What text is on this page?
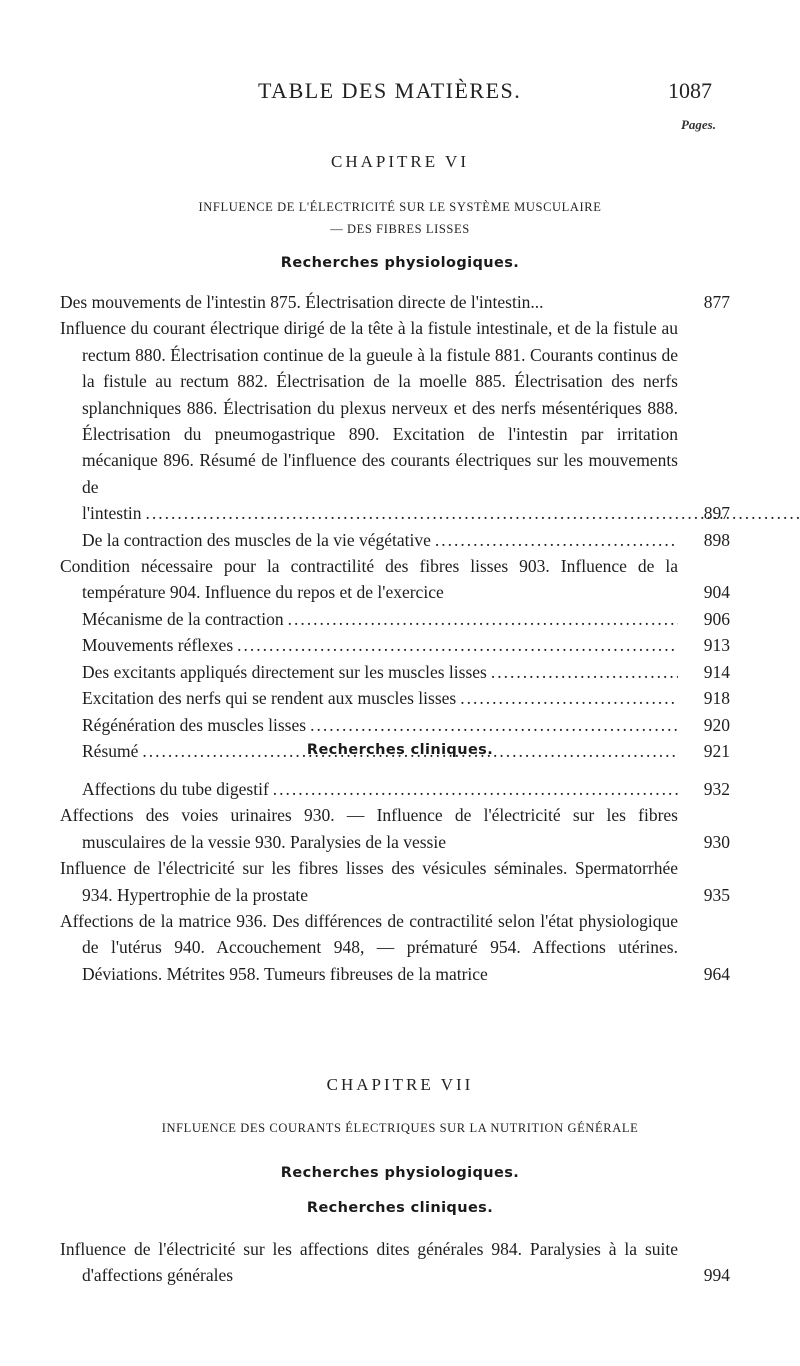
TABLE DES MATIÈRES.	1087
Pages.
CHAPITRE VI
INFLUENCE DE L'ÉLECTRICITÉ SUR LE SYSTÈME MUSCULAIRE
— DES FIBRES LISSES
Recherches physiologiques.
Des mouvements de l'intestin 875. Électrisation directe de l'intestin...	877
Influence du courant électrique dirigé de la tête à la fistule intestinale, et de la fistule au rectum 880. Électrisation continue de la gueule à la fistule 881. Courants continus de la fistule au rectum 882. Électrisation de la moelle 885. Électrisation des nerfs splanchniques 886. Électrisation du plexus nerveux et des nerfs mésentériques 888. Électrisation du pneumogastrique 890. Excitation de l'intestin par irritation mécanique 896. Résumé de l'influence des courants électriques sur les mouvements de l'intestin .....	897
De la contraction des muscles de la vie végétative .....	898
Condition nécessaire pour la contractilité des fibres lisses 903. Influence de la température 904. Influence du repos et de l'exercice	904
Mécanisme de la contraction .....	906
Mouvements réflexes .....	913
Des excitants appliqués directement sur les muscles lisses .....	914
Excitation des nerfs qui se rendent aux muscles lisses .....	918
Régénération des muscles lisses .....	920
Résumé .....	921
Recherches cliniques.
Affections du tube digestif .....	932
Affections des voies urinaires 930. — Influence de l'électricité sur les fibres musculaires de la vessie 930. Paralysies de la vessie	930
Influence de l'électricité sur les fibres lisses des vésicules séminales. Spermatorrhée 934. Hypertrophie de la prostate	935
Affections de la matrice 936. Des différences de contractilité selon l'état physiologique de l'utérus 940. Accouchement 948, — prématuré 954. Affections utérines. Déviations. Métrites 958. Tumeurs fibreuses de la matrice	964
CHAPITRE VII
INFLUENCE DES COURANTS ÉLECTRIQUES SUR LA NUTRITION GÉNÉRALE
Recherches physiologiques.
Recherches cliniques.
Influence de l'électricité sur les affections dites générales 984. Paralysies à la suite d'affections générales	994
